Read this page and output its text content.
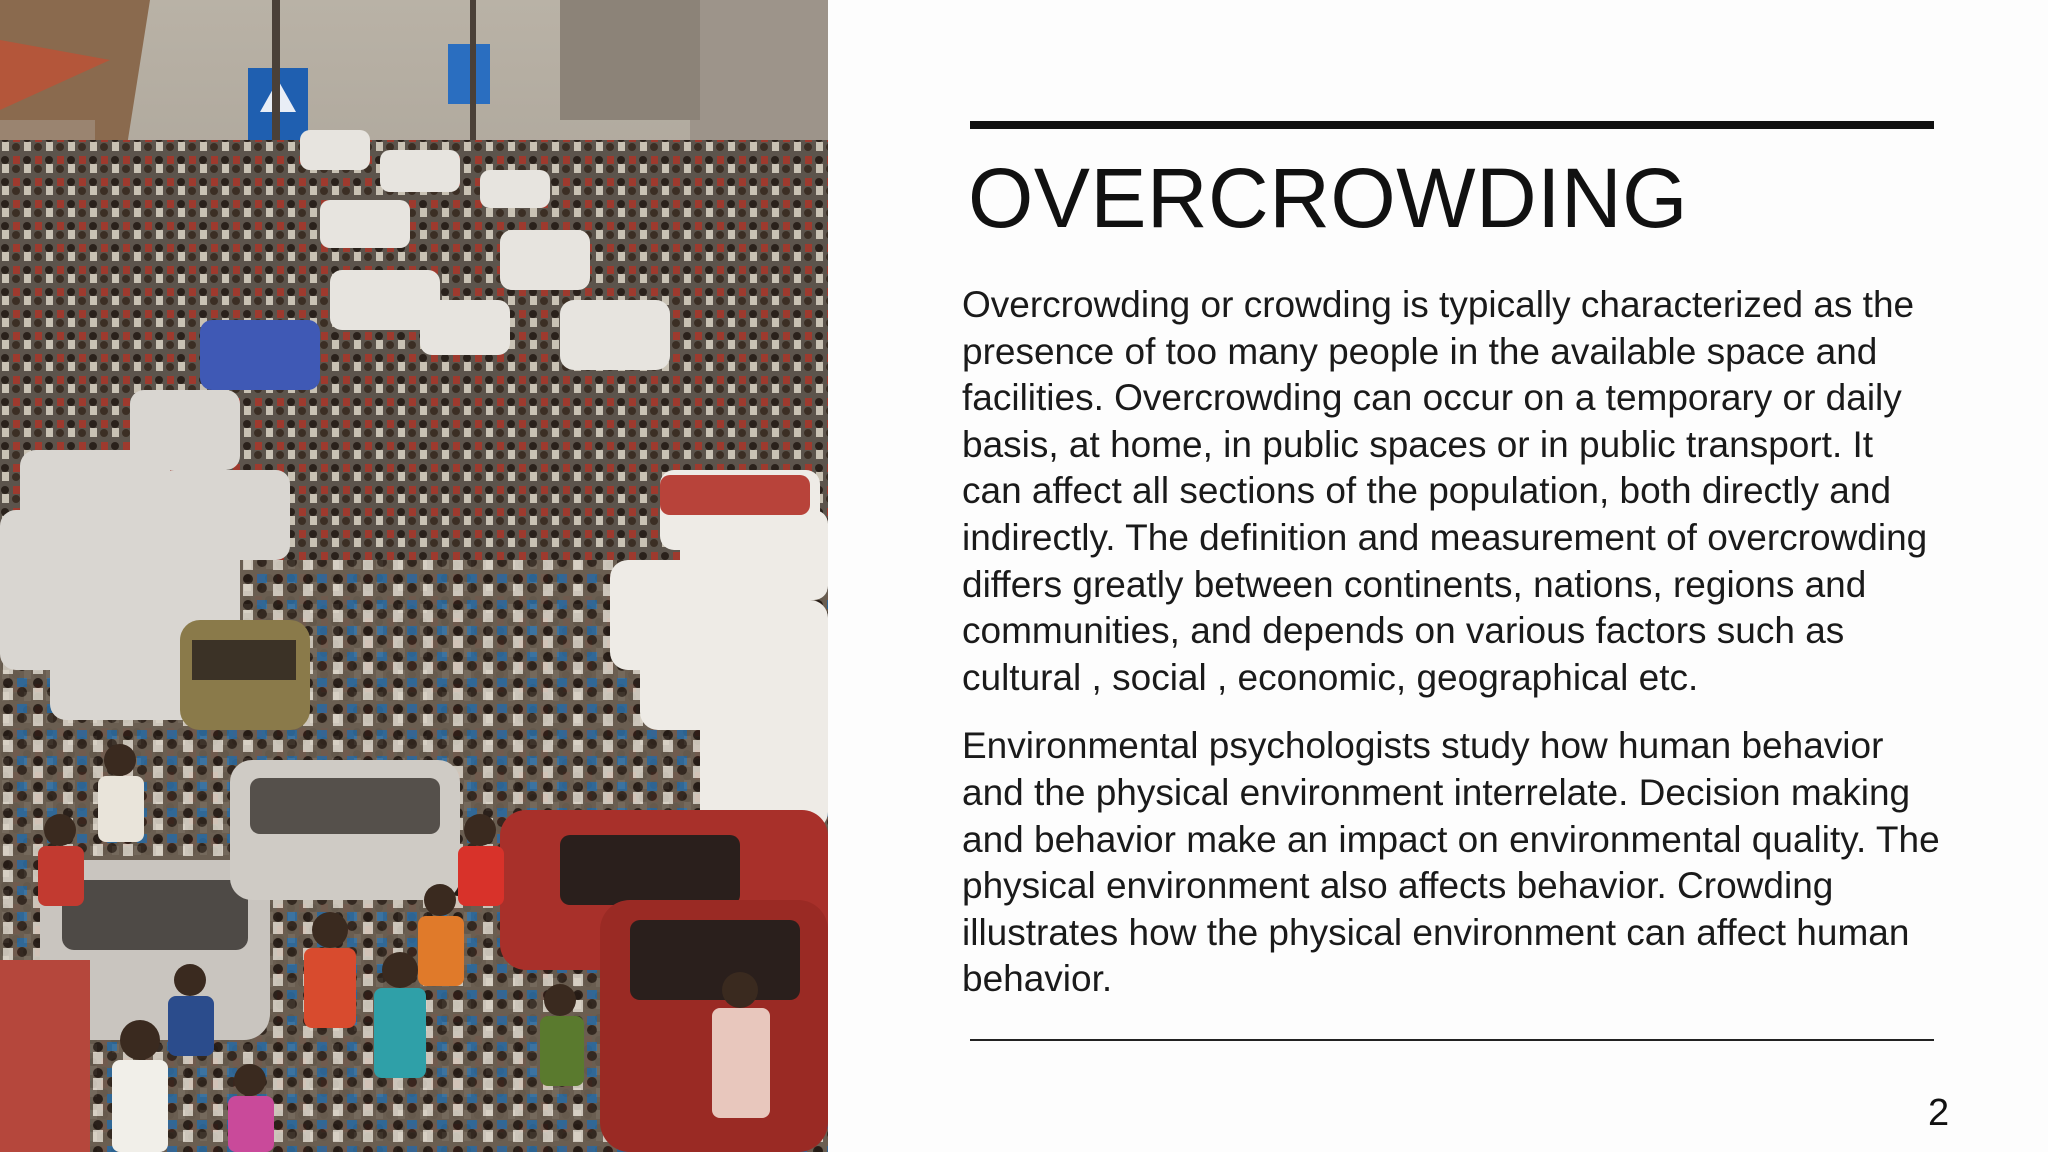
OVERCROWDING

Overcrowding or crowding is typically characterized as the presence of too many people in the available space and facilities. Overcrowding can occur on a temporary or daily basis, at home, in public spaces or in public transport. It can affect all sections of the population, both directly and indirectly. The definition and measurement of overcrowding differs greatly between continents, nations, regions and communities, and depends on various factors such as cultural , social , economic, geographical etc.

Environmental psychologists study how human behavior and the physical environment interrelate. Decision making and behavior make an impact on environmental quality. The physical environment also affects behavior. Crowding illustrates how the physical environment can affect human behavior.

2
